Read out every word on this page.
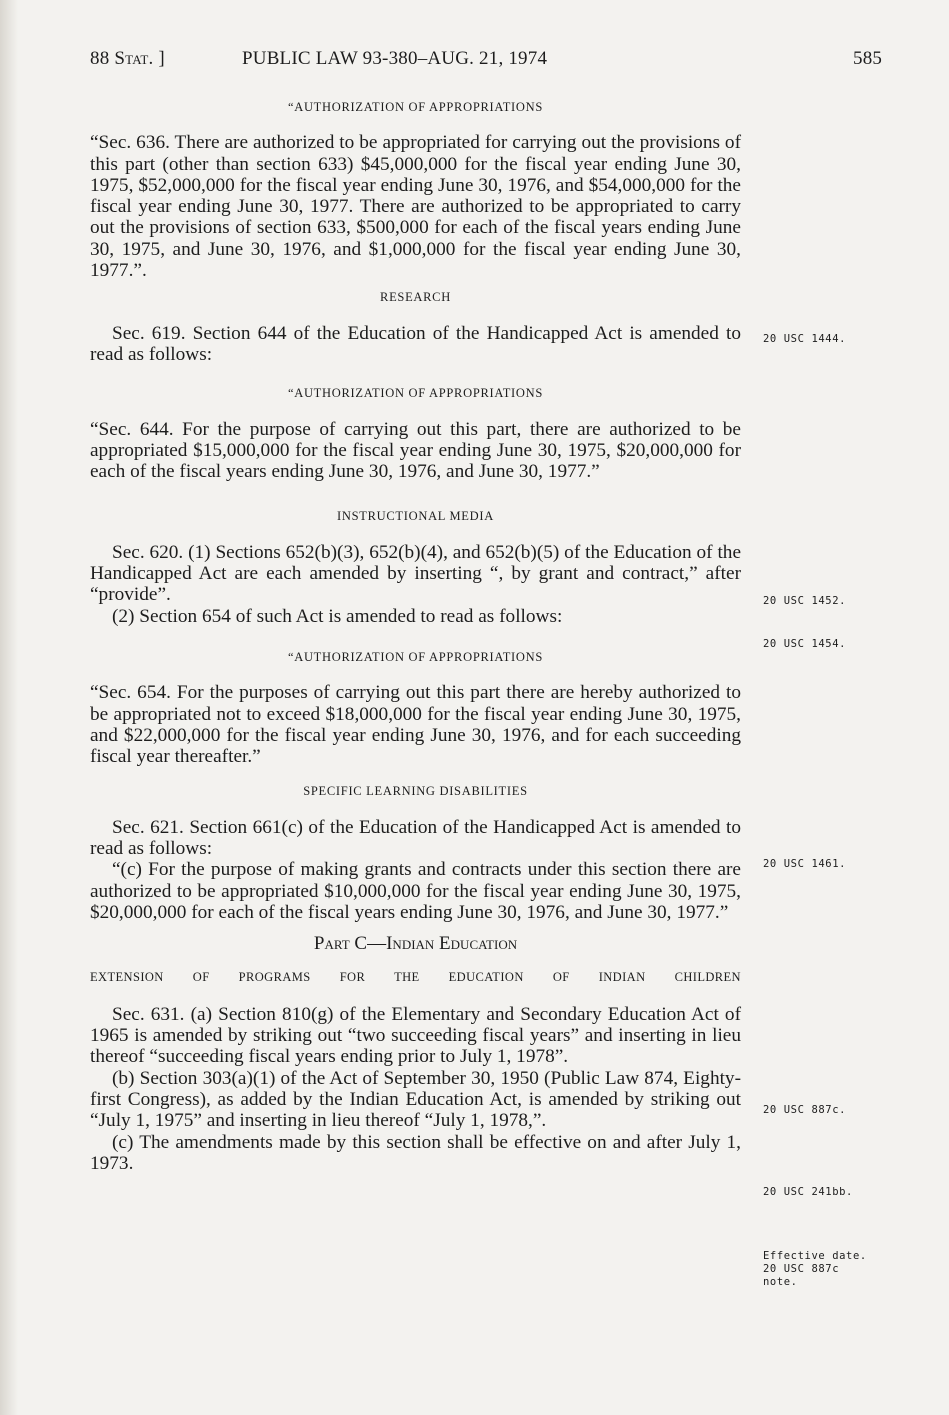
88 Stat. ]	PUBLIC LAW 93-380–AUG. 21, 1974	585
“AUTHORIZATION OF APPROPRIATIONS

“Sec. 636. There are authorized to be appropriated for carrying out the provisions of this part (other than section 633) $45,000,000 for the fiscal year ending June 30, 1975, $52,000,000 for the fiscal year ending June 30, 1976, and $54,000,000 for the fiscal year ending June 30, 1977. There are authorized to be appropriated to carry out the provisions of section 633, $500,000 for each of the fiscal years ending June 30, 1975, and June 30, 1976, and $1,000,000 for the fiscal year ending June 30, 1977.”.

RESEARCH

Sec. 619. Section 644 of the Education of the Handicapped Act is amended to read as follows:

“AUTHORIZATION OF APPROPRIATIONS

“Sec. 644. For the purpose of carrying out this part, there are authorized to be appropriated $15,000,000 for the fiscal year ending June 30, 1975, $20,000,000 for each of the fiscal years ending June 30, 1976, and June 30, 1977.”

INSTRUCTIONAL MEDIA

Sec. 620. (1) Sections 652(b)(3), 652(b)(4), and 652(b)(5) of the Education of the Handicapped Act are each amended by inserting “, by grant and contract,” after “provide”.

(2) Section 654 of such Act is amended to read as follows:

“AUTHORIZATION OF APPROPRIATIONS

“Sec. 654. For the purposes of carrying out this part there are hereby authorized to be appropriated not to exceed $18,000,000 for the fiscal year ending June 30, 1975, and $22,000,000 for the fiscal year ending June 30, 1976, and for each succeeding fiscal year thereafter.”

SPECIFIC LEARNING DISABILITIES

Sec. 621. Section 661(c) of the Education of the Handicapped Act is amended to read as follows:

“(c) For the purpose of making grants and contracts under this section there are authorized to be appropriated $10,000,000 for the fiscal year ending June 30, 1975, $20,000,000 for each of the fiscal years ending June 30, 1976, and June 30, 1977.”

Part C—Indian Education
EXTENSION OF PROGRAMS FOR THE EDUCATION OF INDIAN CHILDREN

Sec. 631. (a) Section 810(g) of the Elementary and Secondary Education Act of 1965 is amended by striking out “two succeeding fiscal years” and inserting in lieu thereof “succeeding fiscal years ending prior to July 1, 1978”.

(b) Section 303(a)(1) of the Act of September 30, 1950 (Public Law 874, Eighty-first Congress), as added by the Indian Education Act, is amended by striking out “July 1, 1975” and inserting in lieu thereof “July 1, 1978,”.

(c) The amendments made by this section shall be effective on and after July 1, 1973.

20 USC 1444.
20 USC 1452.
20 USC 1454.
20 USC 1461.
20 USC 887c.
20 USC 241bb.
Effective date.
20 USC 887c
note.
